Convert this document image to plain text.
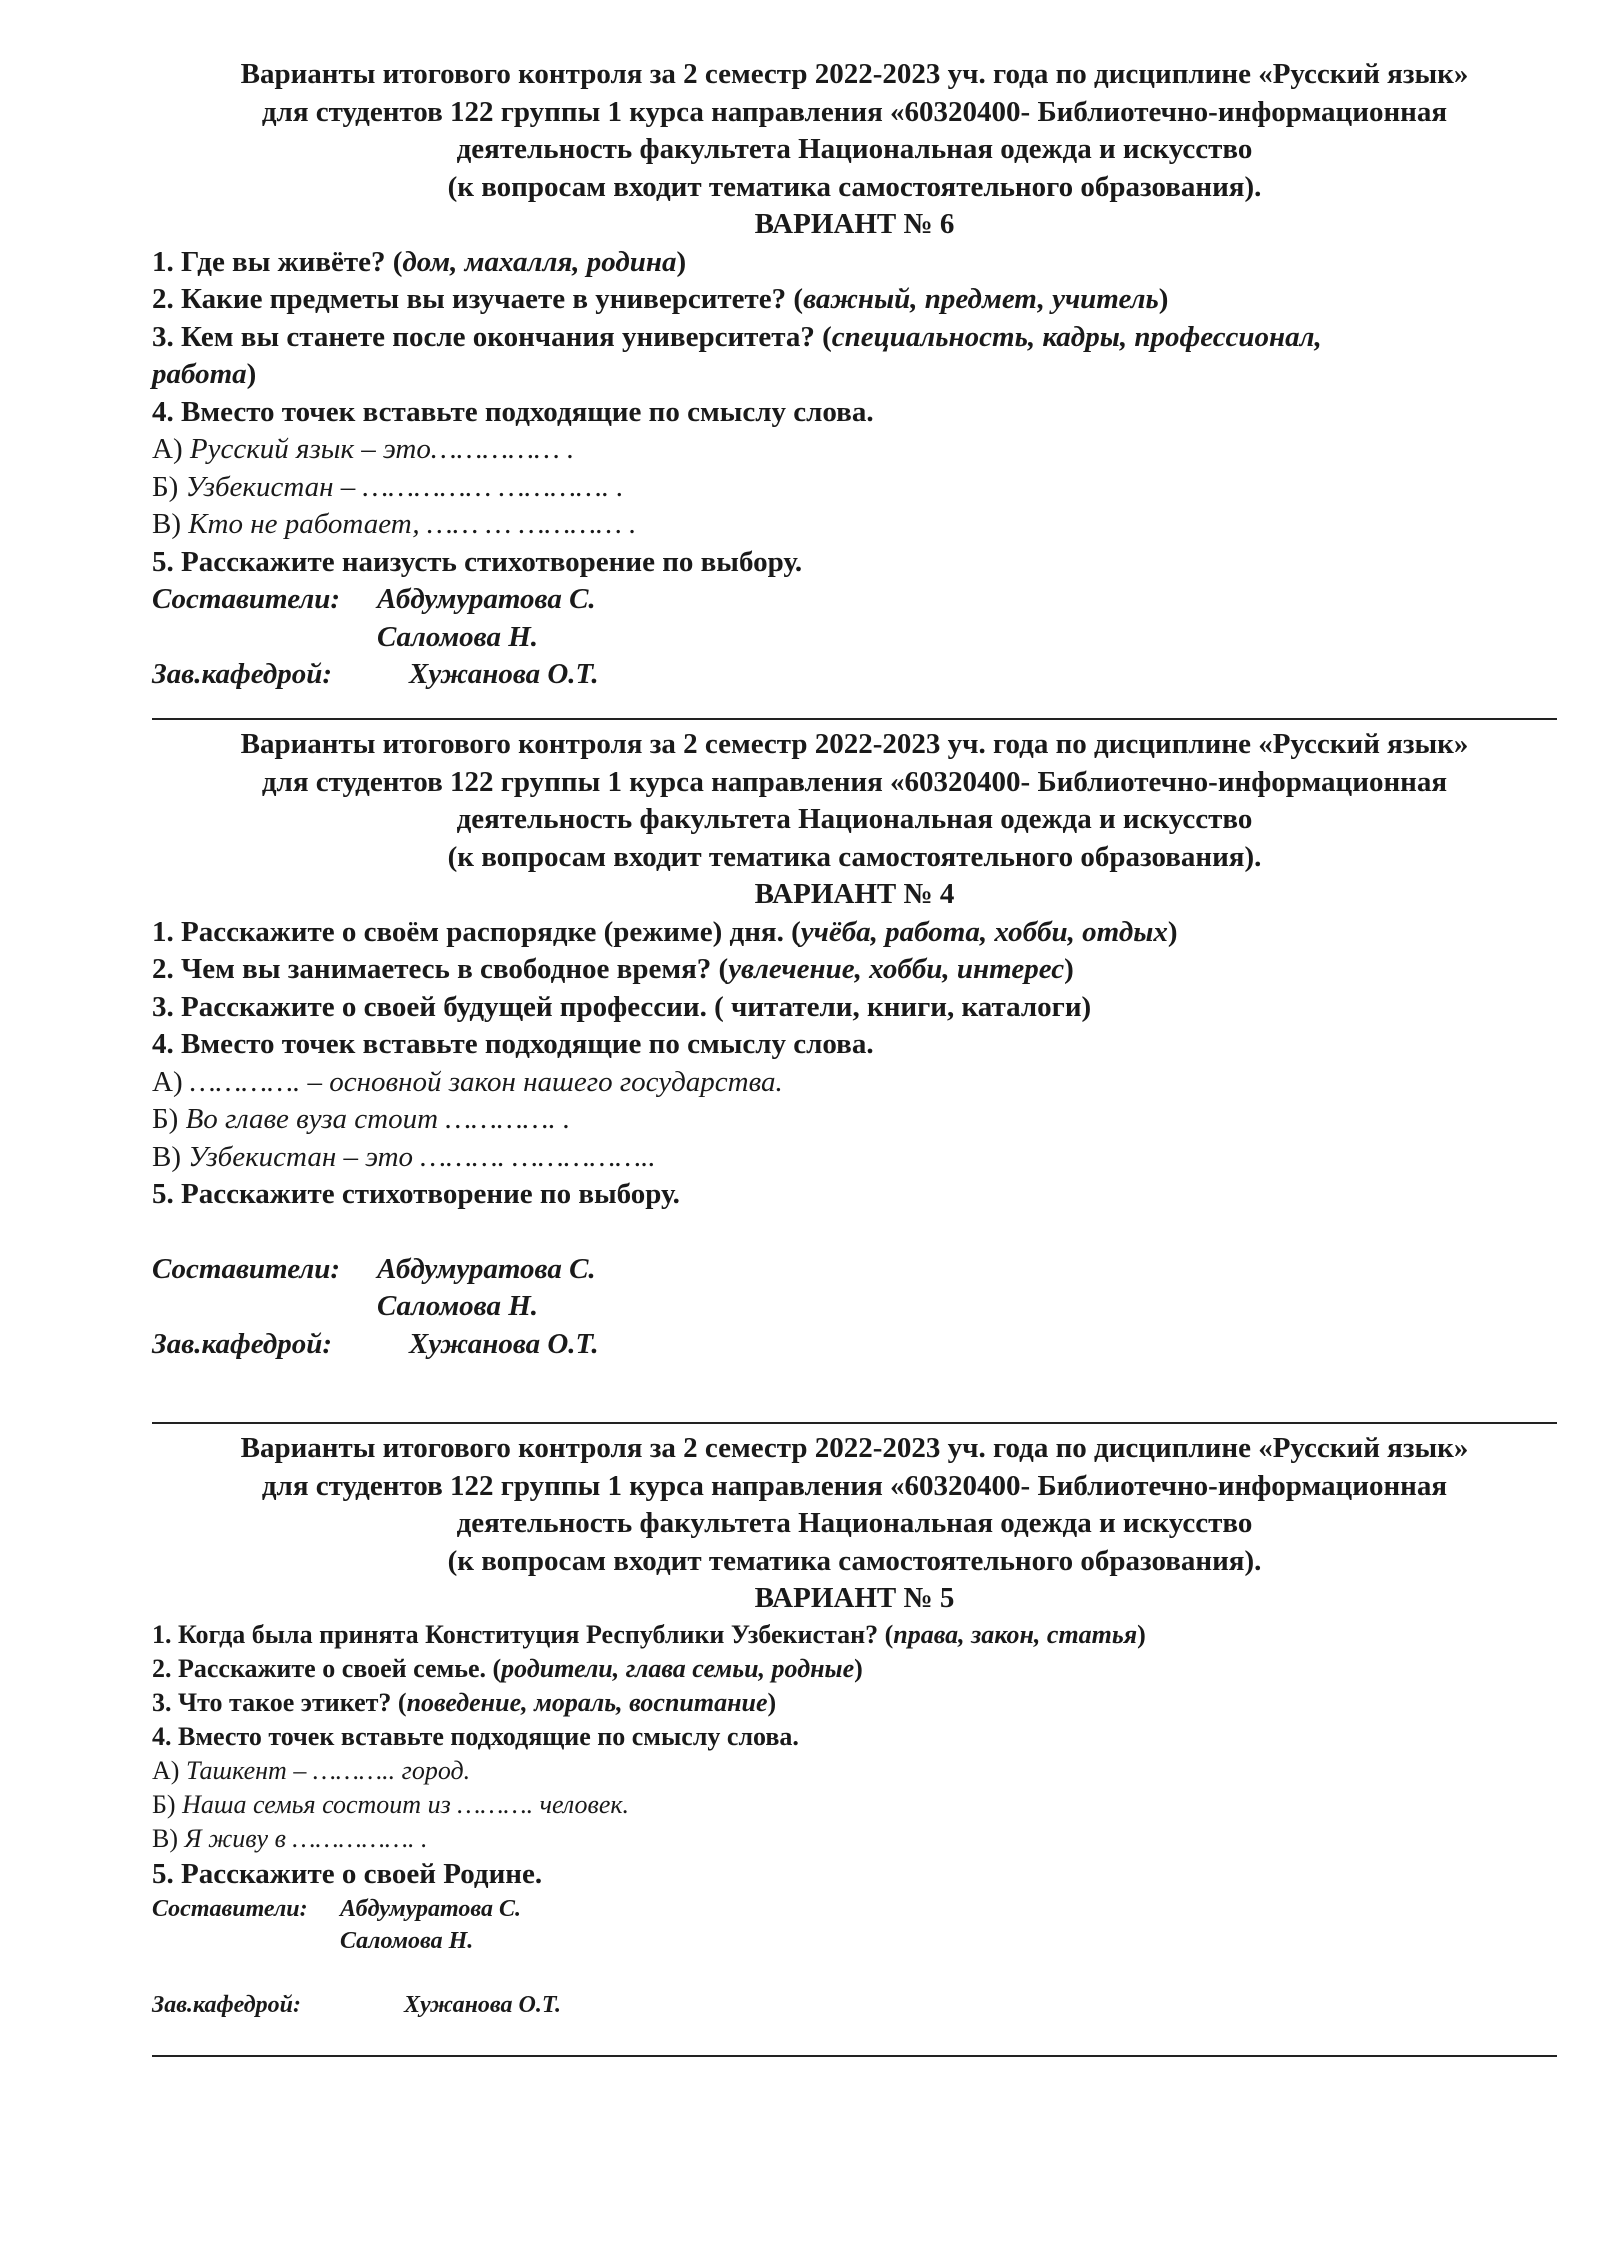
Варианты итогового контроля за 2 семестр 2022-2023 уч. года по дисциплине «Русский язык»
для студентов 122 группы 1 курса направления «60320400- Библиотечно-информационная
деятельность факультета Национальная одежда и искусство
(к вопросам входит тематика самостоятельного образования).
ВАРИАНТ № 6
1. Где вы живёте? (дом, махалля, родина)
2. Какие предметы вы изучаете в университете? (важный, предмет, учитель)
3. Кем вы станете после окончания университета? (специальность, кадры, профессионал,
работа)
4. Вместо точек вставьте подходящие по смыслу слова.
А) Русский язык – это…………… .
Б) Узбекистан – …………… …………. .
В) Кто не работает, …… … ………… .
5. Расскажите наизусть стихотворение по выбору.
Составители: Абдумуратова С.
Саломова Н.
Зав.кафедрой:	Хужанова О.Т.
Варианты итогового контроля за 2 семестр 2022-2023 уч. года по дисциплине «Русский язык»
для студентов 122 группы 1 курса направления «60320400- Библиотечно-информационная
деятельность факультета Национальная одежда и искусство
(к вопросам входит тематика самостоятельного образования).
ВАРИАНТ № 4
1. Расскажите о своём распорядке (режиме) дня. (учёба, работа, хобби, отдых)
2. Чем вы занимаетесь в свободное время? (увлечение, хобби, интерес)
3. Расскажите о своей будущей профессии. ( читатели, книги, каталоги)
4. Вместо точек вставьте подходящие по смыслу слова.
А) …………. – основной закон нашего государства.
Б) Во главе вуза стоит …………. .
В) Узбекистан – это ………. ……………..
5. Расскажите стихотворение по выбору.
Составители: Абдумуратова С.
Саломова Н.
Зав.кафедрой:	Хужанова О.Т.
Варианты итогового контроля за 2 семестр 2022-2023 уч. года по дисциплине «Русский язык»
для студентов 122 группы 1 курса направления «60320400- Библиотечно-информационная
деятельность факультета Национальная одежда и искусство
(к вопросам входит тематика самостоятельного образования).
ВАРИАНТ № 5
1. Когда была принята Конституция Республики Узбекистан? (права, закон, статья)
2. Расскажите о своей семье. (родители, глава семьи, родные)
3. Что такое этикет? (поведение, мораль, воспитание)
4. Вместо точек вставьте подходящие по смыслу слова.
А) Ташкент – ……….. город.
Б) Наша семья состоит из ………. человек.
В) Я живу в ……………. .
5. Расскажите о своей Родине.
Составители: Абдумуратова С.
Саломова Н.
Зав.кафедрой:	Хужанова О.Т.
